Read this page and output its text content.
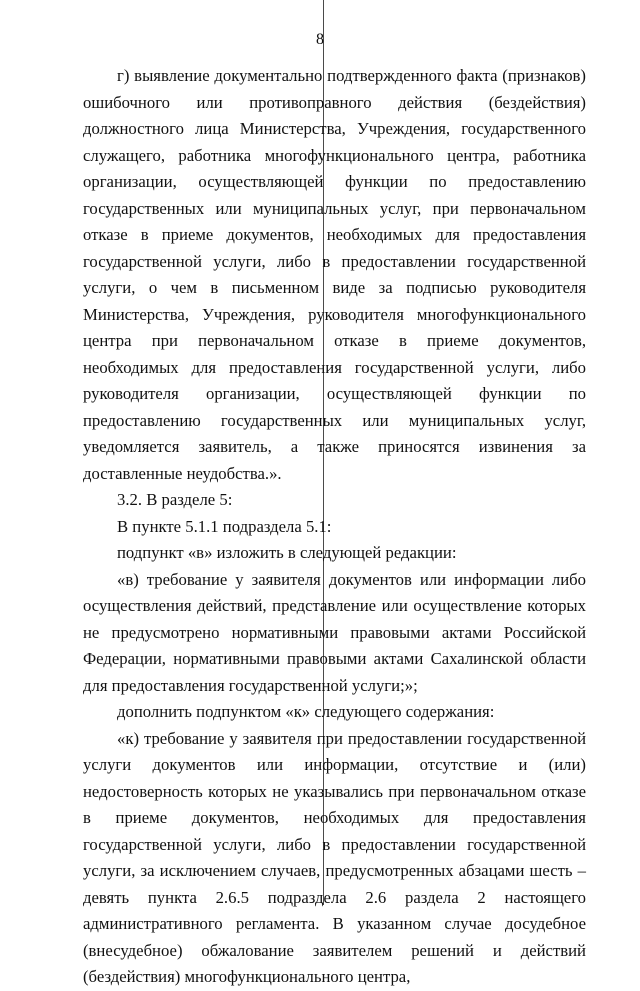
8

г) выявление документально подтвержденного факта (признаков) ошибочного или противоправного действия (бездействия) должностного лица Министерства, Учреждения, государственного служащего, работника многофункционального центра, работника организации, осуществляющей функции по предоставлению государственных или муниципальных услуг, при первоначальном отказе в приеме документов, необходимых для предоставления государственной услуги, либо в предоставлении государственной услуги, о чем в письменном виде за подписью руководителя Министерства, Учреждения, руководителя многофункционального центра при первоначальном отказе в приеме документов, необходимых для предоставления государственной услуги, либо руководителя организации, осуществляющей функции по предоставлению государственных или муниципальных услуг, уведомляется заявитель, а также приносятся извинения за доставленные неудобства.».

3.2. В разделе 5:

В пункте 5.1.1 подраздела 5.1:

подпункт «в» изложить в следующей редакции:

«в) требование у заявителя документов или информации либо осуществления действий, представление или осуществление которых не предусмотрено нормативными правовыми актами Российской Федерации, нормативными правовыми актами Сахалинской области для предоставления государственной услуги;»;

дополнить подпунктом «к» следующего содержания:

«к) требование у заявителя при предоставлении государственной услуги документов или информации, отсутствие и (или) недостоверность которых не указывались при первоначальном отказе в приеме документов, необходимых для предоставления государственной услуги, либо в предоставлении государственной услуги, за исключением случаев, предусмотренных абзацами шесть – девять пункта 2.6.5 подраздела 2.6 раздела 2 настоящего административного регламента. В указанном случае досудебное (внесудебное) обжалование заявителем решений и действий (бездействия) многофункционального центра,
